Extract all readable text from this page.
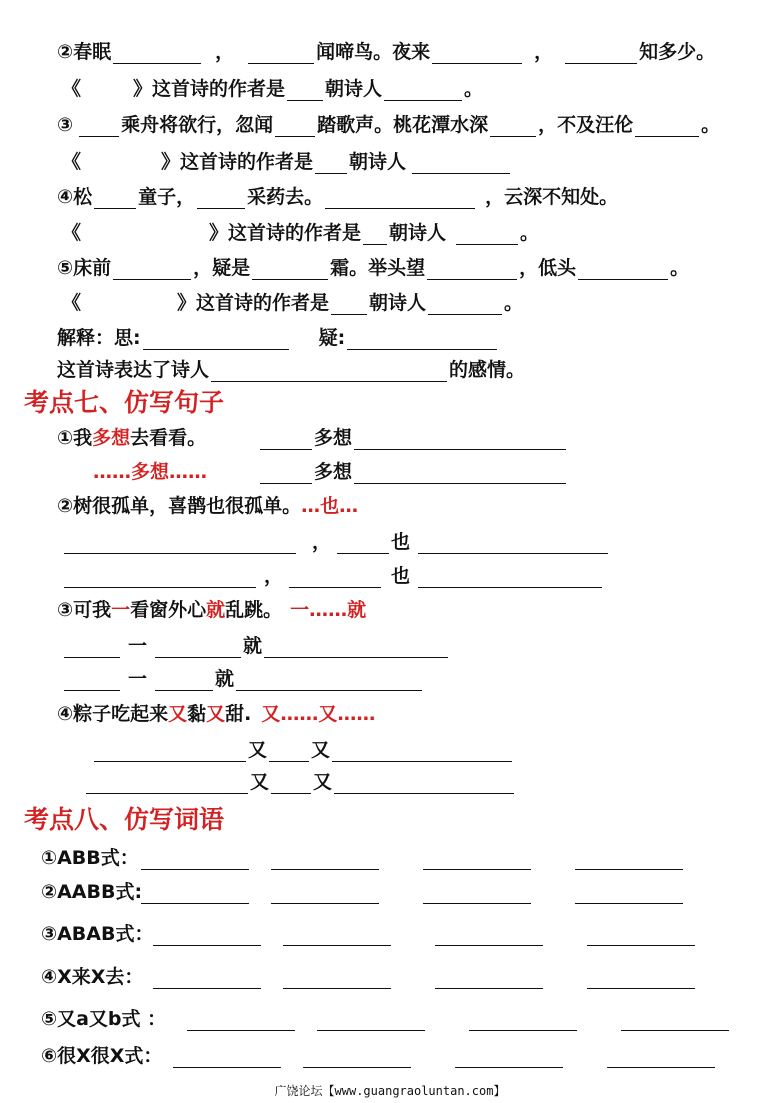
② 春眠	，	闻啼鸟。夜来	，	知多少。
《	》这首诗的作者是 朝诗人	。
③	乘舟将欲行，忽闻 踏歌声。桃花潭水深	，不及汪伦	。
《	》这首诗的作者是 朝诗人
④ 松 童子，	采药去。	，云深不知处。
《	》这首诗的作者是 朝诗人	。
⑤ 床前	，疑是	霜。举头望	，低头	。
《	》这首诗的作者是 朝诗人	。
解释：思:	疑:
这首诗表达了诗人	的感情。
考点七、仿写句子
① 我 多想 去看看。	多想
……多想……	多想
②树很孤单，喜鹊也很孤单。 …也…
，	也
，	也
③可我 一 看窗外心 就 乱跳。 一……就
一	就
一	就
④粽子吃起来 又 黏 又 甜. 又……又……
又 又
又 又
考点八、仿写词语
①ABB式：
②AABB式:
③ABAB式：
④X来X去：
⑤又a又b式 ：
⑥很X很X式：
广饶论坛【www.guangraoluntan.com】
